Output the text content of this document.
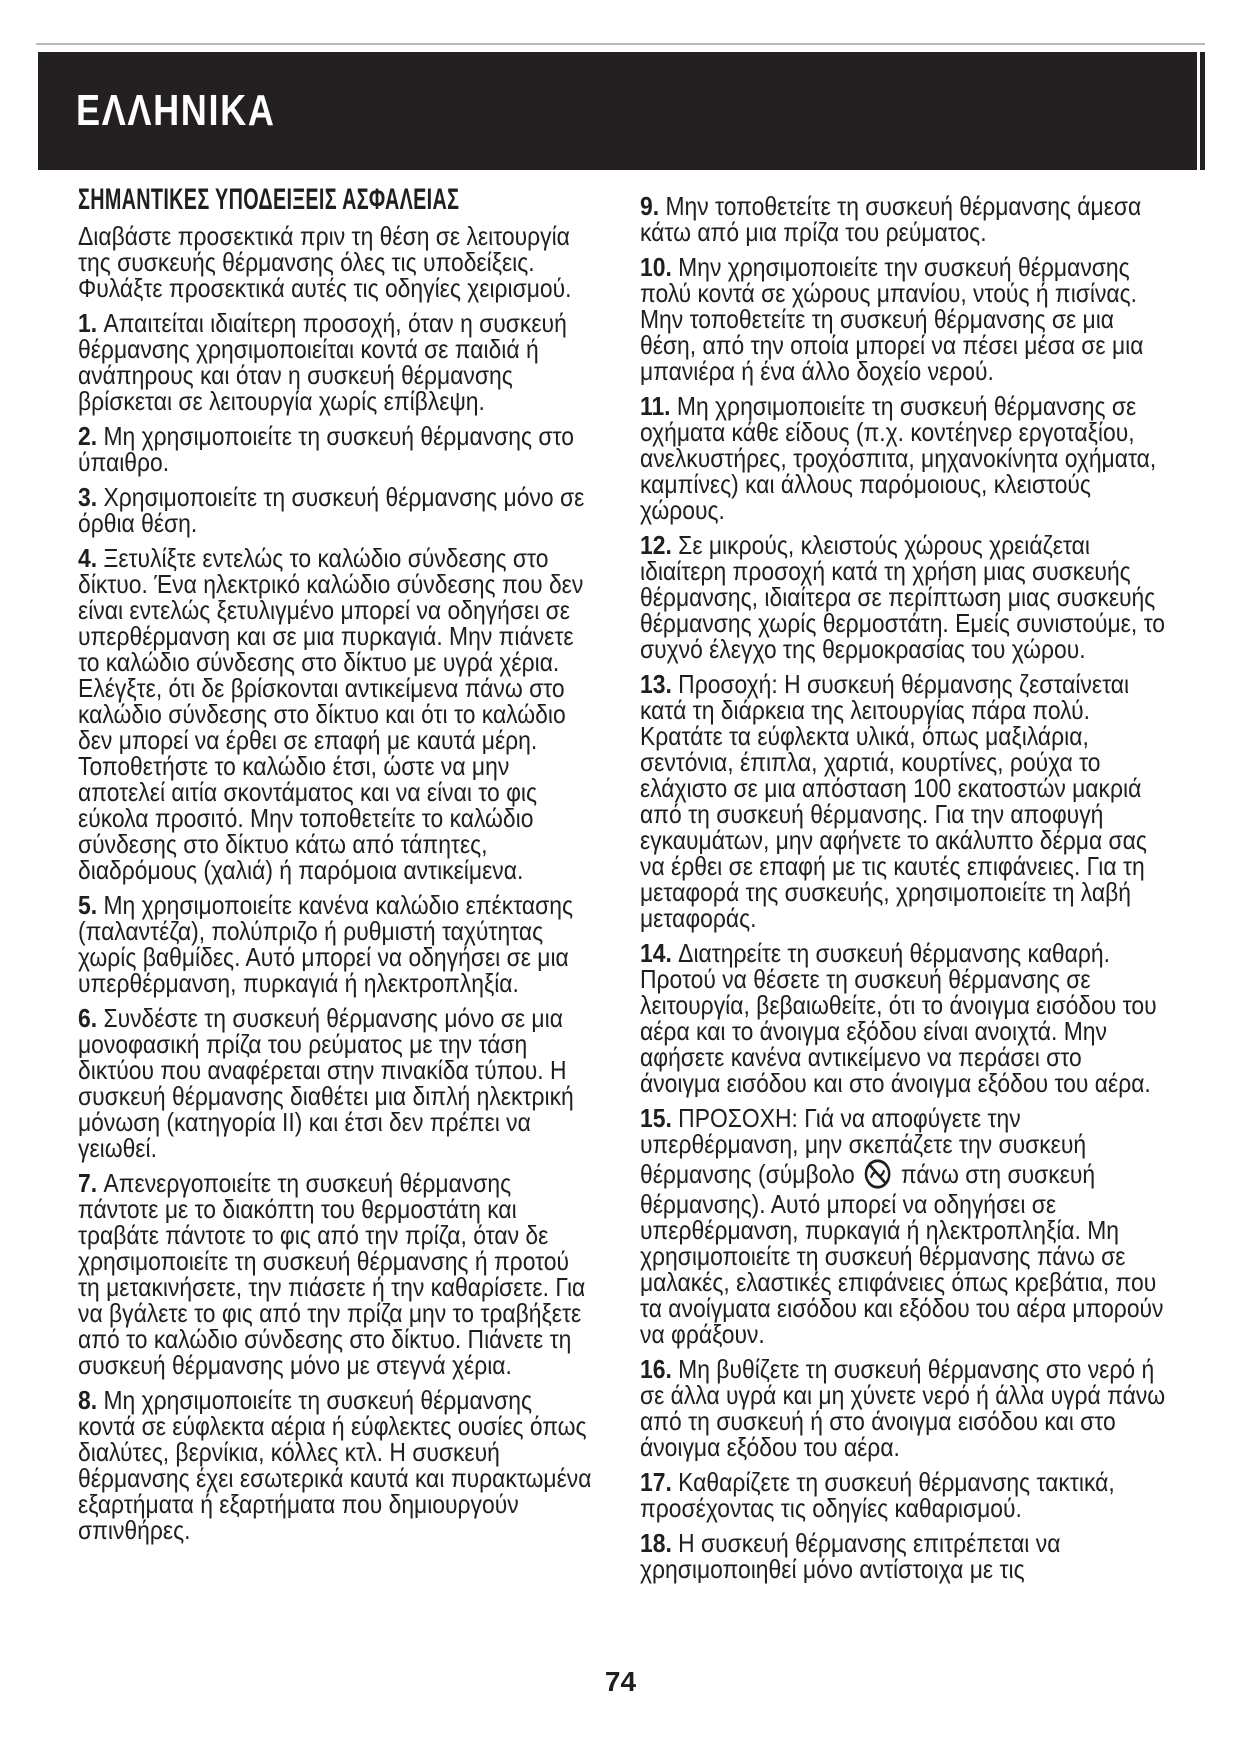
ΕΛΛΗΝΙΚΑ
ΣΗΜΑΝΤΙΚΕΣ ΥΠΟΔΕΙΞΕΙΣ ΑΣΦΑΛΕΙΑΣ

Διαβάστε προσεκτικά πριν τη θέση σε λειτουργία της συσκευής θέρμανσης όλες τις υποδείξεις. Φυλάξτε προσεκτικά αυτές τις οδηγίες χειρισμού.

1. Απαιτείται ιδιαίτερη προσοχή, όταν η συσκευή θέρμανσης χρησιμοποιείται κοντά σε παιδιά ή ανάπηρους και όταν η συσκευή θέρμανσης βρίσκεται σε λειτουργία χωρίς επίβλεψη.

2. Μη χρησιμοποιείτε τη συσκευή θέρμανσης στο ύπαιθρο.

3. Χρησιμοποιείτε τη συσκευή θέρμανσης μόνο σε όρθια θέση.

4. Ξετυλίξτε εντελώς το καλώδιο σύνδεσης στο δίκτυο. Ένα ηλεκτρικό καλώδιο σύνδεσης που δεν είναι εντελώς ξετυλιγμένο μπορεί να οδηγήσει σε υπερθέρμανση και σε μια πυρκαγιά. Μην πιάνετε το καλώδιο σύνδεσης στο δίκτυο με υγρά χέρια. Ελέγξτε, ότι δε βρίσκονται αντικείμενα πάνω στο καλώδιο σύνδεσης στο δίκτυο και ότι το καλώδιο δεν μπορεί να έρθει σε επαφή με καυτά μέρη. Τοποθετήστε το καλώδιο έτσι, ώστε να μην αποτελεί αιτία σκοντάματος και να είναι το φις εύκολα προσιτό. Μην τοποθετείτε το καλώδιο σύνδεσης στο δίκτυο κάτω από τάπητες, διαδρόμους (χαλιά) ή παρόμοια αντικείμενα.

5. Μη χρησιμοποιείτε κανένα καλώδιο επέκτασης (παλαντέζα), πολύπριζο ή ρυθμιστή ταχύτητας χωρίς βαθμίδες. Αυτό μπορεί να οδηγήσει σε μια υπερθέρμανση, πυρκαγιά ή ηλεκτροπληξία.

6. Συνδέστε τη συσκευή θέρμανσης μόνο σε μια μονοφασική πρίζα του ρεύματος με την τάση δικτύου που αναφέρεται στην πινακίδα τύπου. Η συσκευή θέρμανσης διαθέτει μια διπλή ηλεκτρική μόνωση (κατηγορία II) και έτσι δεν πρέπει να γειωθεί.

7. Απενεργοποιείτε τη συσκευή θέρμανσης πάντοτε με το διακόπτη του θερμοστάτη και τραβάτε πάντοτε το φις από την πρίζα, όταν δε χρησιμοποιείτε τη συσκευή θέρμανσης ή προτού τη μετακινήσετε, την πιάσετε ή την καθαρίσετε. Για να βγάλετε το φις από την πρίζα μην το τραβήξετε από το καλώδιο σύνδεσης στο δίκτυο. Πιάνετε τη συσκευή θέρμανσης μόνο με στεγνά χέρια.

8. Μη χρησιμοποιείτε τη συσκευή θέρμανσης κοντά σε εύφλεκτα αέρια ή εύφλεκτες ουσίες όπως διαλύτες, βερνίκια, κόλλες κτλ. Η συσκευή θέρμανσης έχει εσωτερικά καυτά και πυρακτωμένα εξαρτήματα ή εξαρτήματα που δημιουργούν σπινθήρες.

9. Μην τοποθετείτε τη συσκευή θέρμανσης άμεσα κάτω από μια πρίζα του ρεύματος.

10. Μην χρησιμοποιείτε την συσκευή θέρμανσης πολύ κοντά σε χώρους μπανίου, ντούς ή πισίνας. Μην τοποθετείτε τη συσκευή θέρμανσης σε μια θέση, από την οποία μπορεί να πέσει μέσα σε μια μπανιέρα ή ένα άλλο δοχείο νερού.

11. Μη χρησιμοποιείτε τη συσκευή θέρμανσης σε οχήματα κάθε είδους (π.χ. κοντέηνερ εργοταξίου, ανελκυστήρες, τροχόσπιτα, μηχανοκίνητα οχήματα, καμπίνες) και άλλους παρόμοιους, κλειστούς χώρους.

12. Σε μικρούς, κλειστούς χώρους χρειάζεται ιδιαίτερη προσοχή κατά τη χρήση μιας συσκευής θέρμανσης, ιδιαίτερα σε περίπτωση μιας συσκευής θέρμανσης χωρίς θερμοστάτη. Εμείς συνιστούμε, το συχνό έλεγχο της θερμοκρασίας του χώρου.

13. Προσοχή: Η συσκευή θέρμανσης ζεσταίνεται κατά τη διάρκεια της λειτουργίας πάρα πολύ. Κρατάτε τα εύφλεκτα υλικά, όπως μαξιλάρια, σεντόνια, έπιπλα, χαρτιά, κουρτίνες, ρούχα το ελάχιστο σε μια απόσταση 100 εκατοστών μακριά από τη συσκευή θέρμανσης. Για την αποφυγή εγκαυμάτων, μην αφήνετε το ακάλυπτο δέρμα σας να έρθει σε επαφή με τις καυτές επιφάνειες. Για τη μεταφορά της συσκευής, χρησιμοποιείτε τη λαβή μεταφοράς.

14. Διατηρείτε τη συσκευή θέρμανσης καθαρή. Προτού να θέσετε τη συσκευή θέρμανσης σε λειτουργία, βεβαιωθείτε, ότι το άνοιγμα εισόδου του αέρα και το άνοιγμα εξόδου είναι ανοιχτά. Μην αφήσετε κανένα αντικείμενο να περάσει στο άνοιγμα εισόδου και στο άνοιγμα εξόδου του αέρα.

15. ΠΡΟΣΟΧΗ: Γιά να αποφύγετε την υπερθέρμανση, μην σκεπάζετε την συσκευή θέρμανσης (σύμβολο  πάνω στη συσκευή θέρμανσης). Αυτό μπορεί να οδηγήσει σε υπερθέρμανση, πυρκαγιά ή ηλεκτροπληξία. Μη χρησιμοποιείτε τη συσκευή θέρμανσης πάνω σε μαλακές, ελαστικές επιφάνειες όπως κρεβάτια, που τα ανοίγματα εισόδου και εξόδου του αέρα μπορούν να φράξουν.

16. Μη βυθίζετε τη συσκευή θέρμανσης στο νερό ή σε άλλα υγρά και μη χύνετε νερό ή άλλα υγρά πάνω από τη συσκευή ή στο άνοιγμα εισόδου και στο άνοιγμα εξόδου του αέρα.

17. Καθαρίζετε τη συσκευή θέρμανσης τακτικά, προσέχοντας τις οδηγίες καθαρισμού.

18. Η συσκευή θέρμανσης επιτρέπεται να χρησιμοποιηθεί μόνο αντίστοιχα με τις

74
